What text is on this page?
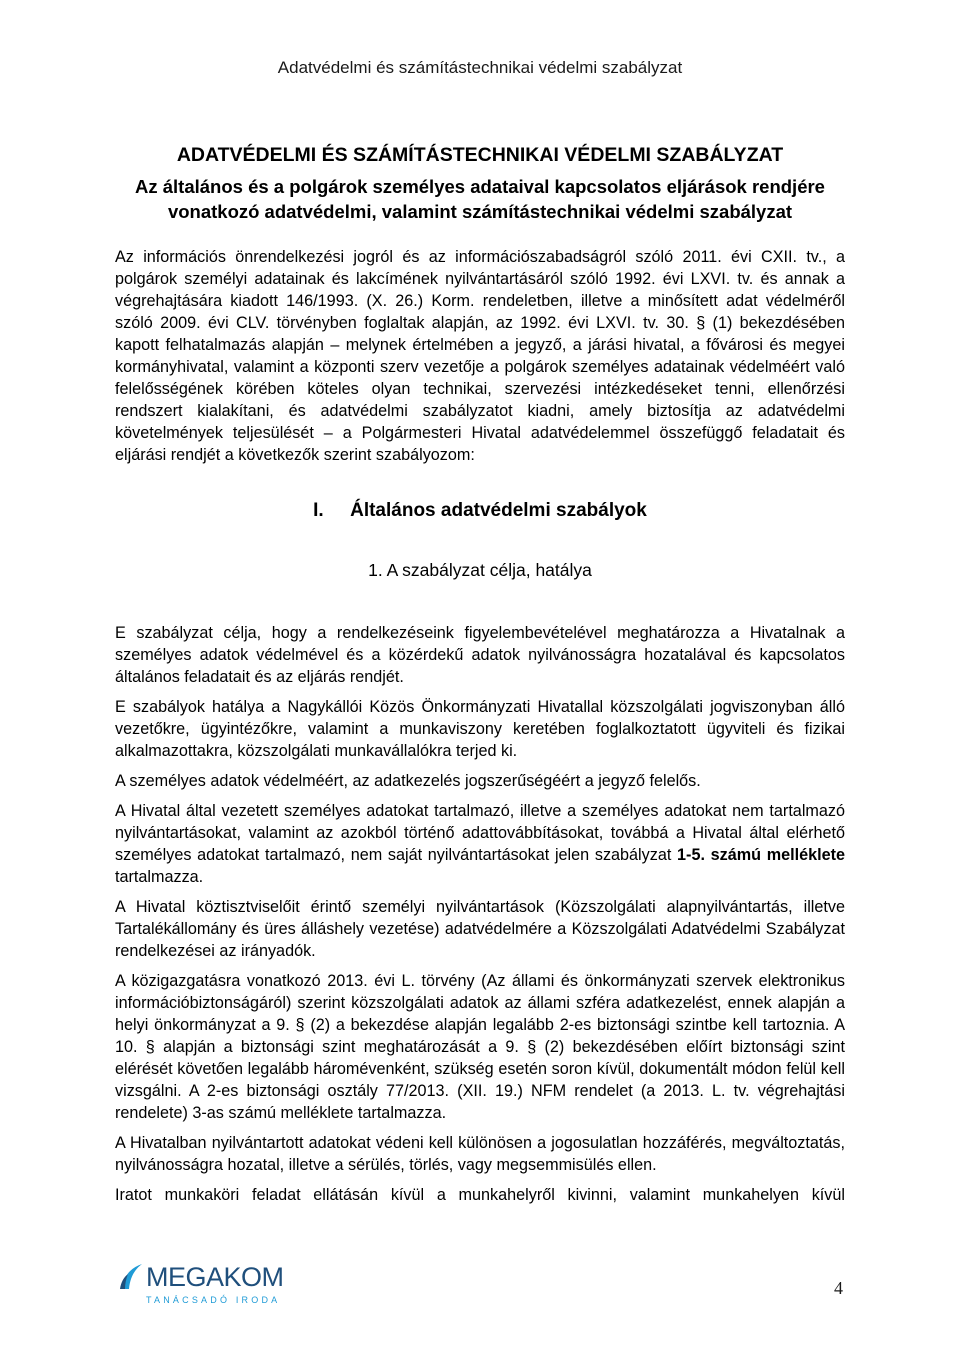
Adatvédelmi és számítástechnikai védelmi szabályzat

ADATVÉDELMI ÉS SZÁMÍTÁSTECHNIKAI VÉDELMI SZABÁLYZAT

Az általános és a polgárok személyes adataival kapcsolatos eljárások rendjére vonatkozó adatvédelmi, valamint számítástechnikai védelmi szabályzat

Az információs önrendelkezési jogról és az információszabadságról szóló 2011. évi CXII. tv., a polgárok személyi adatainak és lakcímének nyilvántartásáról szóló 1992. évi LXVI. tv. és annak a végrehajtására kiadott 146/1993. (X. 26.) Korm. rendeletben, illetve a minősített adat védelméről szóló 2009. évi CLV. törvényben foglaltak alapján, az 1992. évi LXVI. tv. 30. § (1) bekezdésében kapott felhatalmazás alapján – melynek értelmében a jegyző, a járási hivatal, a fővárosi és megyei kormányhivatal, valamint a központi szerv vezetője a polgárok személyes adatainak védelméért való felelősségének körében köteles olyan technikai, szervezési intézkedéseket tenni, ellenőrzési rendszert kialakítani, és adatvédelmi szabályzatot kiadni, amely biztosítja az adatvédelmi követelmények teljesülését – a Polgármesteri Hivatal adatvédelemmel összefüggő feladatait és eljárási rendjét a következők szerint szabályozom:

I.     Általános adatvédelmi szabályok
1. A szabályzat célja, hatálya

E szabályzat célja, hogy a rendelkezéseink figyelembevételével meghatározza a Hivatalnak a személyes adatok védelmével és a közérdekű adatok nyilvánosságra hozatalával és kapcsolatos általános feladatait és az eljárás rendjét.

E szabályok hatálya a Nagykállói Közös Önkormányzati Hivatallal közszolgálati jogviszonyban álló vezetőkre, ügyintézőkre, valamint a munkaviszony keretében foglalkoztatott ügyviteli és fizikai alkalmazottakra, közszolgálati munkavállalókra terjed ki.

A személyes adatok védelméért, az adatkezelés jogszerűségéért a jegyző felelős.

A Hivatal által vezetett személyes adatokat tartalmazó, illetve a személyes adatokat nem tartalmazó nyilvántartásokat, valamint az azokból történő adattovábbításokat, továbbá a Hivatal által elérhető személyes adatokat tartalmazó, nem saját nyilvántartásokat jelen szabályzat 1-5. számú melléklete tartalmazza.

A Hivatal köztisztviselőit érintő személyi nyilvántartások (Közszolgálati alapnyilvántartás, illetve Tartalékállomány és üres álláshely vezetése) adatvédelmére a Közszolgálati Adatvédelmi Szabályzat rendelkezései az irányadók.

A közigazgatásra vonatkozó 2013. évi L. törvény (Az állami és önkormányzati szervek elektronikus információbiztonságáról) szerint közszolgálati adatok az állami szféra adatkezelést, ennek alapján a helyi önkormányzat a 9. § (2) a bekezdése alapján legalább 2-es biztonsági szintbe kell tartoznia. A 10. § alapján a biztonsági szint meghatározását a 9. § (2) bekezdésében előírt biztonsági szint elérését követően legalább háromévenként, szükség esetén soron kívül, dokumentált módon felül kell vizsgálni. A 2-es biztonsági osztály 77/2013. (XII. 19.) NFM rendelet (a 2013. L. tv. végrehajtási rendelete) 3-as számú melléklete tartalmazza.

A Hivatalban nyilvántartott adatokat védeni kell különösen a jogosulatlan hozzáférés, megváltoztatás, nyilvánosságra hozatal, illetve a sérülés, törlés, vagy megsemmisülés ellen.

Iratot munkaköri feladat ellátásán kívül a munkahelyről kivinni, valamint munkahelyen kívül

MEGAKOM
TANÁCSADÓ IRODA
4
